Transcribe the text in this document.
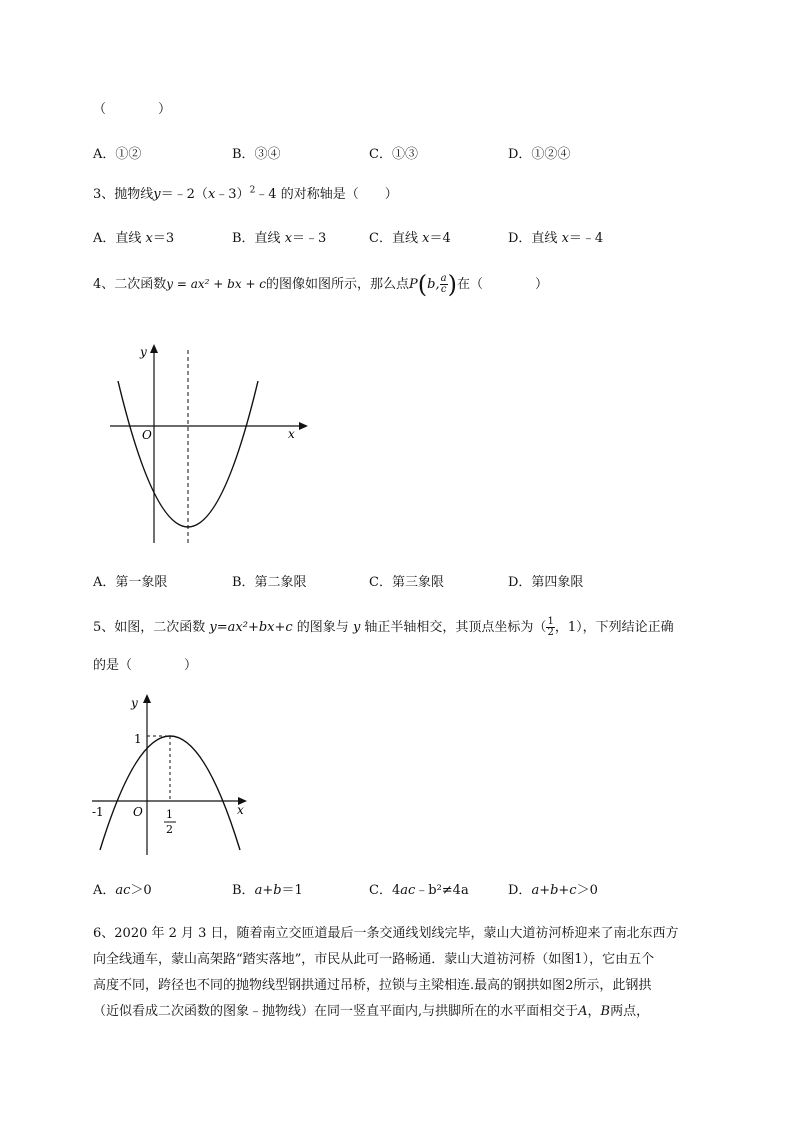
（　　　　）
A．①②	B．③④	C．①③	D．①②④
3、抛物线y＝﹣2（x﹣3）$^2$﹣4 的对称轴是（　　）
A．直线 x＝3	B．直线 x＝﹣3	C．直线 x＝4	D．直线 x＝﹣4
4、二次函数y = ax² + bx + c的图像如图所示，那么点P(b, $\frac{a}{c}$ )在（　　　　）
y
x
O
A．第一象限	B．第二象限	C．第三象限	D．第四象限
5、如图，二次函数 y=ax²+bx+c 的图象与 y 轴正半轴相交，其顶点坐标为（ $\frac{1}{2}$ ，1），下列结论正确
的是（　　　　）
y
x
O
1
-1	1
2
A．ac＞0	B．a+b＝1	C．4ac﹣b²≠4a	D．a+b+c＞0
6、2020 年 2 月 3 日，随着南立交匝道最后一条交通线划线完毕，蒙山大道祊河桥迎来了南北东西方
向全线通车，蒙山高架路“踏实落地”，市民从此可一路畅通．蒙山大道祊河桥（如图1），它由五个
高度不同，跨径也不同的抛物线型钢拱通过吊桥，拉锁与主梁相连.最高的钢拱如图2所示，此钢拱
（近似看成二次函数的图象﹣抛物线）在同一竖直平面内,与拱脚所在的水平面相交于A，B两点，
